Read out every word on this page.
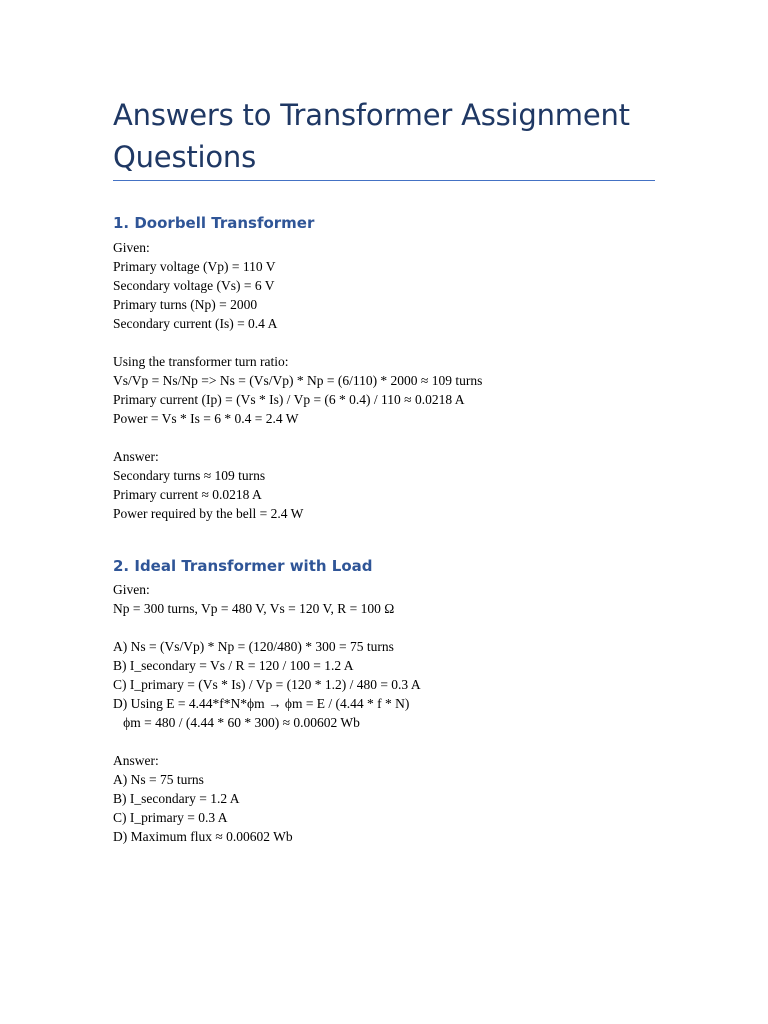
Answers to Transformer Assignment Questions
1. Doorbell Transformer

Given:

Primary voltage (Vp) = 110 V

Secondary voltage (Vs) = 6 V

Primary turns (Np) = 2000

Secondary current (Is) = 0.4 A

Using the transformer turn ratio:

Vs/Vp = Ns/Np => Ns = (Vs/Vp) * Np = (6/110) * 2000 ≈ 109 turns

Primary current (Ip) = (Vs * Is) / Vp = (6 * 0.4) / 110 ≈ 0.0218 A

Power = Vs * Is = 6 * 0.4 = 2.4 W

Answer:

Secondary turns ≈ 109 turns

Primary current ≈ 0.0218 A

Power required by the bell = 2.4 W

2. Ideal Transformer with Load

Given:

Np = 300 turns, Vp = 480 V, Vs = 120 V, R = 100 Ω

A) Ns = (Vs/Vp) * Np = (120/480) * 300 = 75 turns

B) I_secondary = Vs / R = 120 / 100 = 1.2 A

C) I_primary = (Vs * Is) / Vp = (120 * 1.2) / 480 = 0.3 A

D) Using E = 4.44*f*N*ϕm → ϕm = E / (4.44 * f * N)

ϕm = 480 / (4.44 * 60 * 300) ≈ 0.00602 Wb

Answer:

A) Ns = 75 turns

B) I_secondary = 1.2 A

C) I_primary = 0.3 A

D) Maximum flux ≈ 0.00602 Wb
